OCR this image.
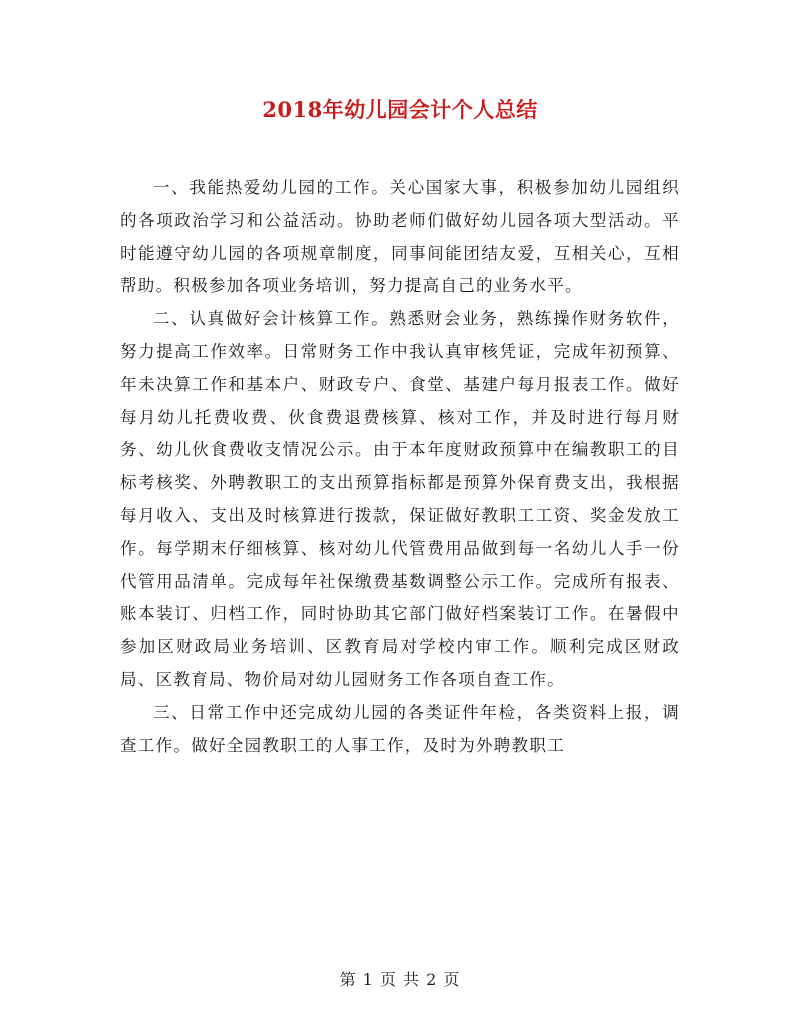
2018年幼儿园会计个人总结

一、我能热爱幼儿园的工作。关心国家大事，积极参加幼儿园组织的各项政治学习和公益活动。协助老师们做好幼儿园各项大型活动。平时能遵守幼儿园的各项规章制度，同事间能团结友爱，互相关心，互相帮助。积极参加各项业务培训，努力提高自己的业务水平。

二、认真做好会计核算工作。熟悉财会业务，熟练操作财务软件，努力提高工作效率。日常财务工作中我认真审核凭证，完成年初预算、年未决算工作和基本户、财政专户、食堂、基建户每月报表工作。做好每月幼儿托费收费、伙食费退费核算、核对工作，并及时进行每月财务、幼儿伙食费收支情况公示。由于本年度财政预算中在编教职工的目标考核奖、外聘教职工的支出预算指标都是预算外保育费支出，我根据每月收入、支出及时核算进行拨款，保证做好教职工工资、奖金发放工作。每学期末仔细核算、核对幼儿代管费用品做到每一名幼儿人手一份代管用品清单。完成每年社保缴费基数调整公示工作。完成所有报表、账本装订、归档工作，同时协助其它部门做好档案装订工作。在暑假中参加区财政局业务培训、区教育局对学校内审工作。顺利完成区财政局、区教育局、物价局对幼儿园财务工作各项自查工作。

三、日常工作中还完成幼儿园的各类证件年检，各类资料上报，调查工作。做好全园教职工的人事工作，及时为外聘教职工

第 1 页 共 2 页
